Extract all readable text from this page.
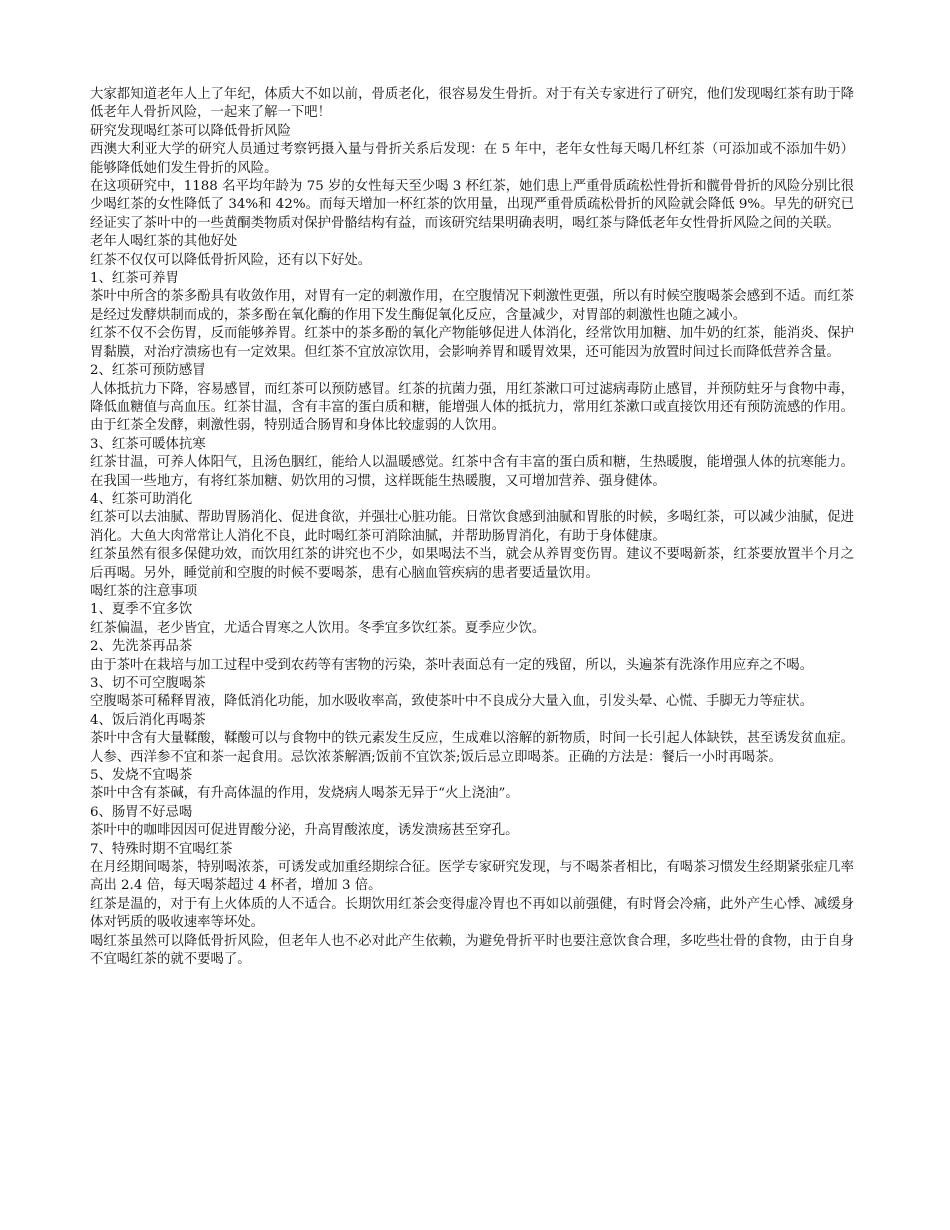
大家都知道老年人上了年纪，体质大不如以前，骨质老化，很容易发生骨折。对于有关专家进行了研究，他们发现喝红茶有助于降低老年人骨折风险，一起来了解一下吧！

研究发现喝红茶可以降低骨折风险

西澳大利亚大学的研究人员通过考察钙摄入量与骨折关系后发现：在 5 年中，老年女性每天喝几杯红茶（可添加或不添加牛奶）能够降低她们发生骨折的风险。

在这项研究中，1188 名平均年龄为 75 岁的女性每天至少喝 3 杯红茶，她们患上严重骨质疏松性骨折和髋骨骨折的风险分别比很少喝红茶的女性降低了 34%和 42%。而每天增加一杯红茶的饮用量，出现严重骨质疏松骨折的风险就会降低 9%。早先的研究已经证实了茶叶中的一些黄酮类物质对保护骨骼结构有益，而该研究结果明确表明，喝红茶与降低老年女性骨折风险之间的关联。

老年人喝红茶的其他好处

红茶不仅仅可以降低骨折风险，还有以下好处。

1、红茶可养胃

茶叶中所含的茶多酚具有收敛作用，对胃有一定的刺激作用，在空腹情况下刺激性更强，所以有时候空腹喝茶会感到不适。而红茶是经过发酵烘制而成的，茶多酚在氧化酶的作用下发生酶促氧化反应，含量减少，对胃部的刺激性也随之减小。

红茶不仅不会伤胃，反而能够养胃。红茶中的茶多酚的氧化产物能够促进人体消化，经常饮用加糖、加牛奶的红茶，能消炎、保护胃黏膜，对治疗溃疡也有一定效果。但红茶不宜放凉饮用，会影响养胃和暖胃效果，还可能因为放置时间过长而降低营养含量。

2、红茶可预防感冒

人体抵抗力下降，容易感冒，而红茶可以预防感冒。红茶的抗菌力强，用红茶漱口可过滤病毒防止感冒，并预防蛀牙与食物中毒，降低血糖值与高血压。红茶甘温，含有丰富的蛋白质和糖，能增强人体的抵抗力，常用红茶漱口或直接饮用还有预防流感的作用。由于红茶全发酵，刺激性弱，特别适合肠胃和身体比较虚弱的人饮用。

3、红茶可暖体抗寒

红茶甘温，可养人体阳气，且汤色胭红，能给人以温暖感觉。红茶中含有丰富的蛋白质和糖，生热暖腹，能增强人体的抗寒能力。在我国一些地方，有将红茶加糖、奶饮用的习惯，这样既能生热暖腹，又可增加营养、强身健体。

4、红茶可助消化

红茶可以去油腻、帮助胃肠消化、促进食欲，并强壮心脏功能。日常饮食感到油腻和胃胀的时候，多喝红茶，可以减少油腻，促进消化。大鱼大肉常常让人消化不良，此时喝红茶可消除油腻，并帮助肠胃消化，有助于身体健康。

红茶虽然有很多保健功效，而饮用红茶的讲究也不少，如果喝法不当，就会从养胃变伤胃。建议不要喝新茶，红茶要放置半个月之后再喝。另外，睡觉前和空腹的时候不要喝茶，患有心脑血管疾病的患者要适量饮用。

喝红茶的注意事项

1、夏季不宜多饮

红茶偏温，老少皆宜，尤适合胃寒之人饮用。冬季宜多饮红茶。夏季应少饮。

2、先洗茶再品茶

由于茶叶在栽培与加工过程中受到农药等有害物的污染，茶叶表面总有一定的残留，所以，头遍茶有洗涤作用应弃之不喝。

3、切不可空腹喝茶

空腹喝茶可稀释胃液，降低消化功能，加水吸收率高，致使茶叶中不良成分大量入血，引发头晕、心慌、手脚无力等症状。

4、饭后消化再喝茶

茶叶中含有大量鞣酸，鞣酸可以与食物中的铁元素发生反应，生成难以溶解的新物质，时间一长引起人体缺铁，甚至诱发贫血症。人参、西洋参不宜和茶一起食用。忌饮浓茶解酒;饭前不宜饮茶;饭后忌立即喝茶。正确的方法是：餐后一小时再喝茶。

5、发烧不宜喝茶

茶叶中含有茶碱，有升高体温的作用，发烧病人喝茶无异于“火上浇油”。

6、肠胃不好忌喝

茶叶中的咖啡因因可促进胃酸分泌，升高胃酸浓度，诱发溃疡甚至穿孔。

7、特殊时期不宜喝红茶

在月经期间喝茶，特别喝浓茶，可诱发或加重经期综合征。医学专家研究发现，与不喝茶者相比，有喝茶习惯发生经期紧张症几率高出 2.4 倍，每天喝茶超过 4 杯者，增加 3 倍。

红茶是温的，对于有上火体质的人不适合。长期饮用红茶会变得虚冷胃也不再如以前强健，有时肾会冷痛，此外产生心悸、减缓身体对钙质的吸收速率等坏处。

喝红茶虽然可以降低骨折风险，但老年人也不必对此产生依赖，为避免骨折平时也要注意饮食合理，多吃些壮骨的食物，由于自身不宜喝红茶的就不要喝了。
